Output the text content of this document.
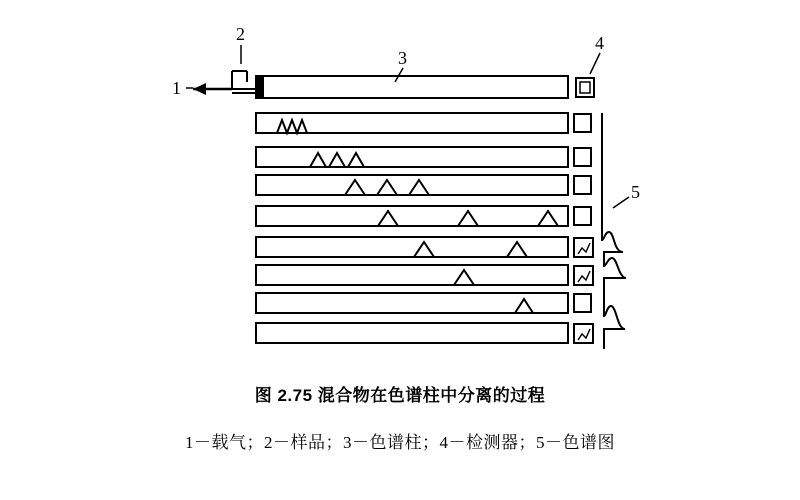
1
2
3
4
5
图 2.75 混合物在色谱柱中分离的过程
1－载气；2－样品；3－色谱柱；4－检测器；5－色谱图
